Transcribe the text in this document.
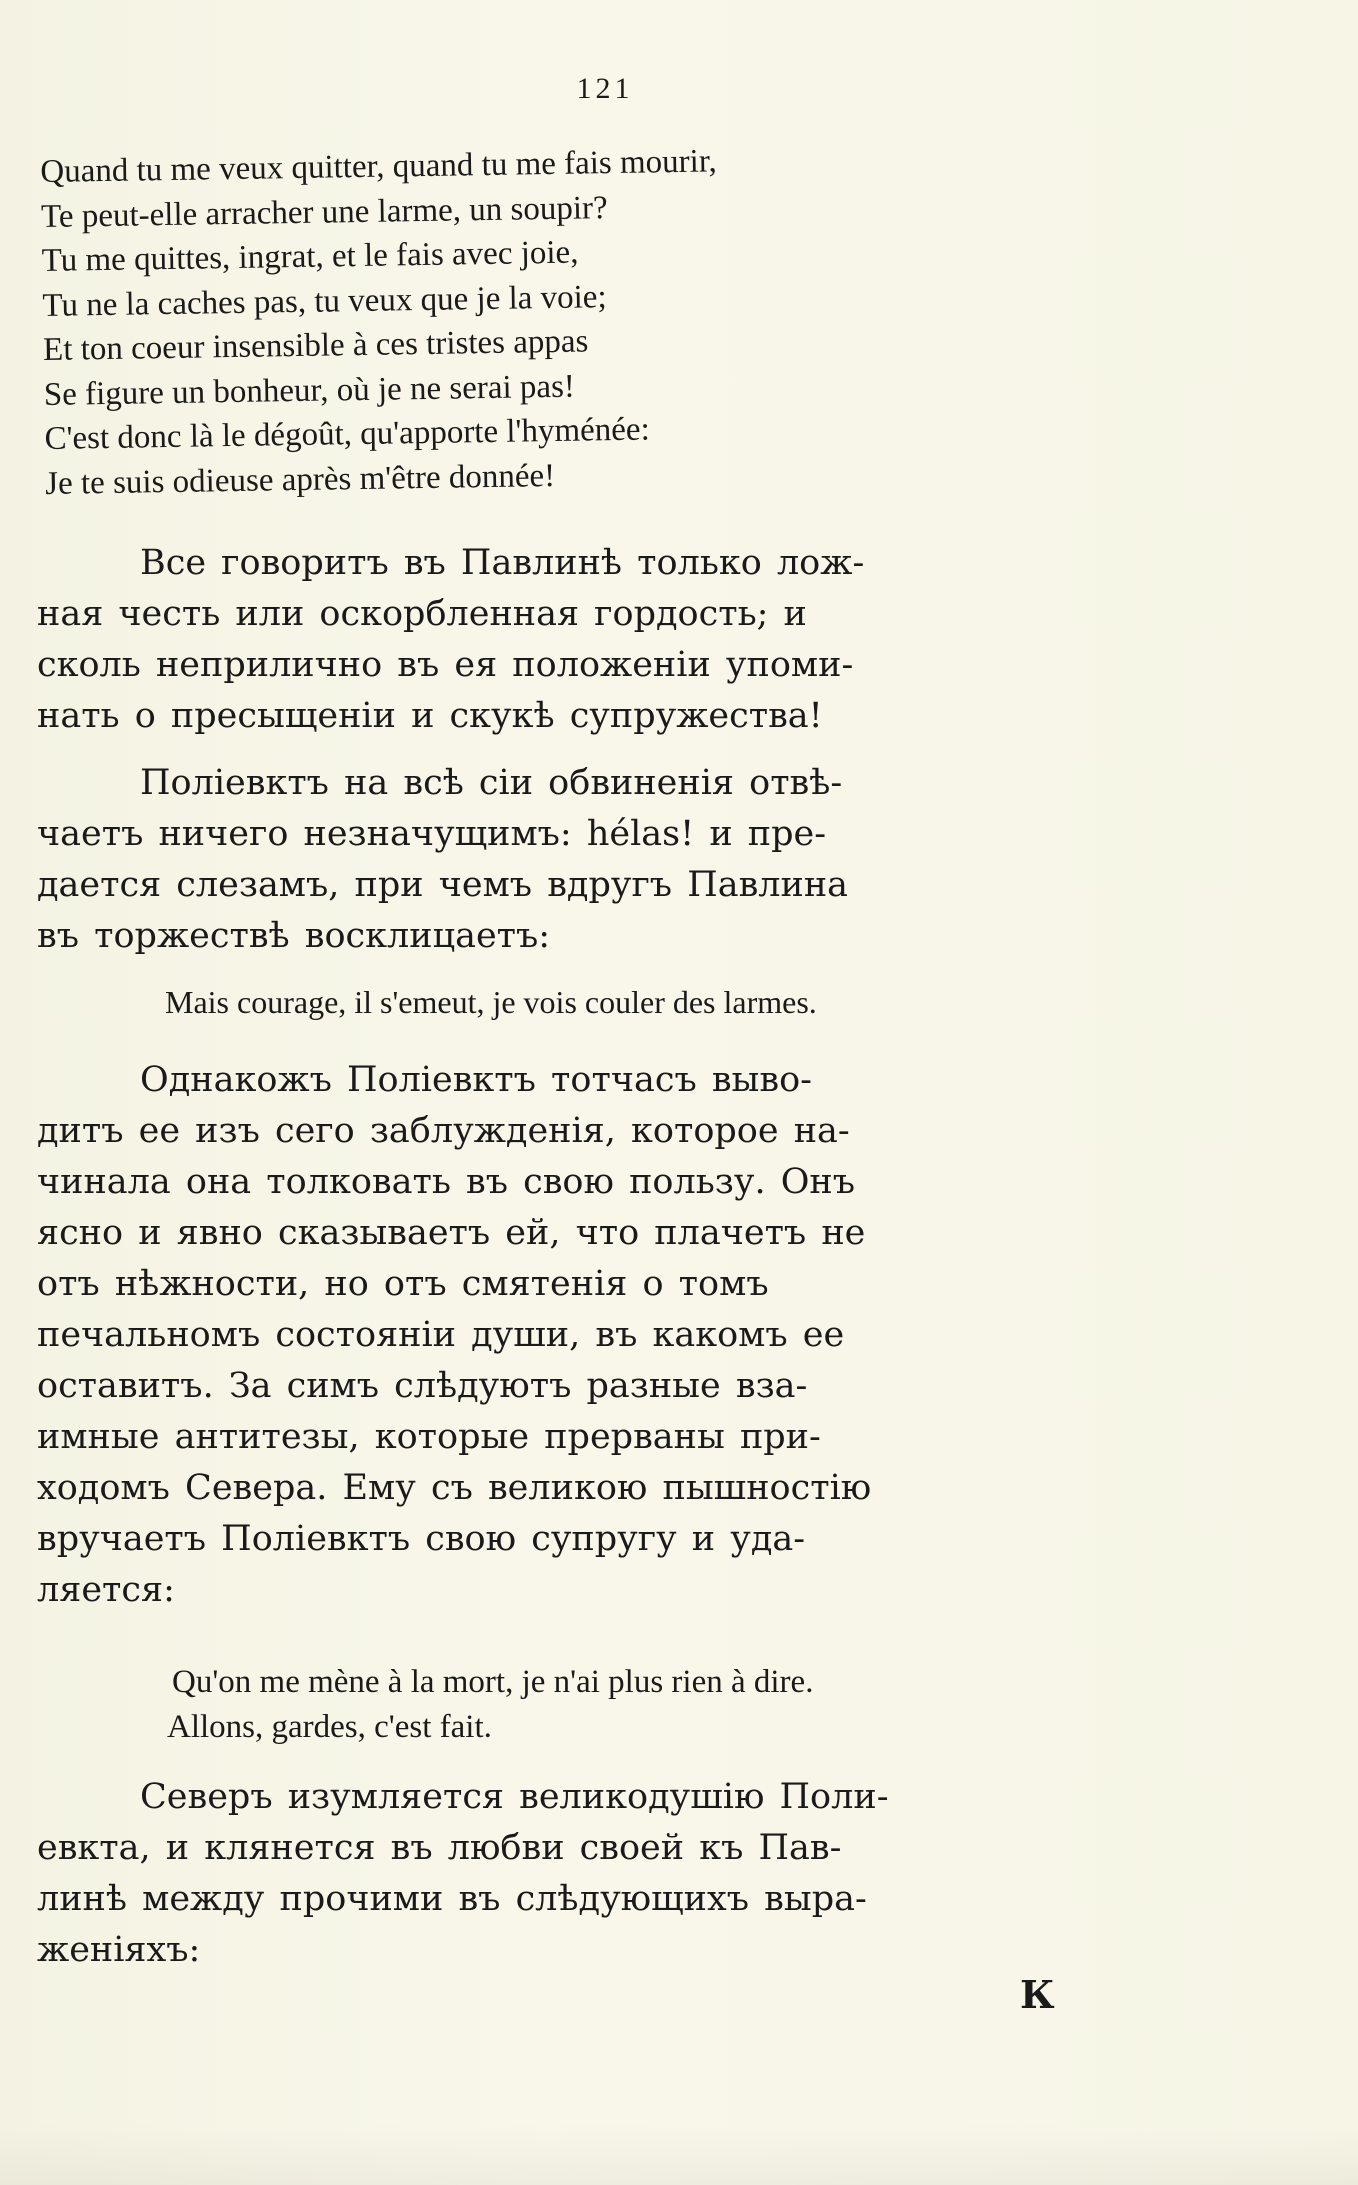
121
Quand tu me veux quitter, quand tu me fais mourir,
Te peut-elle arracher une larme, un soupir?
Tu me quittes, ingrat, et le fais avec joie,
Tu ne la caches pas, tu veux que je la voie;
Et ton coeur insensible à ces tristes appas
Se figure un bonheur, où je ne serai pas!
C'est donc là le dégoût, qu'apporte l'hyménée:
Je te suis odieuse après m'être donnée!

Все говоритъ въ Павлинѣ только лож-

ная честь или оскорбленная гордость; и

сколь неприлично въ ея положенiи упоми-

нать о пресыщенiи и скукѣ супружества!

Полiевктъ на всѣ сiи обвиненiя отвѣ-

чаетъ ничего незначущимъ: hélas! и пре-

дается слезамъ, при чемъ вдругъ Павлина

въ торжествѣ восклицаетъ:

Mais courage, il s'emeut, je vois couler des larmes.

Однакожъ Полiевктъ тотчасъ выво-

дитъ ее изъ сего заблужденiя, которое на-

чинала она толковать въ свою пользу. Онъ

ясно и явно сказываетъ ей, что плачетъ не

отъ нѣжности, но отъ смятенiя о томъ

печальномъ состоянiи души, въ какомъ ее

оставитъ. За симъ слѣдуютъ разные вза-

имные антитезы, которые прерваны при-

ходомъ Севера. Ему съ великою пышностiю

вручаетъ Полiевктъ свою супругу и уда-

ляется:

Qu'on me mène à la mort, je n'ai plus rien à dire.
Allons, gardes, c'est fait.

Северъ изумляется великодушiю Поли-

евкта, и клянется въ любви своей къ Пав-

линѣ между прочими въ слѣдующихъ выра-

женiяхъ:

К
